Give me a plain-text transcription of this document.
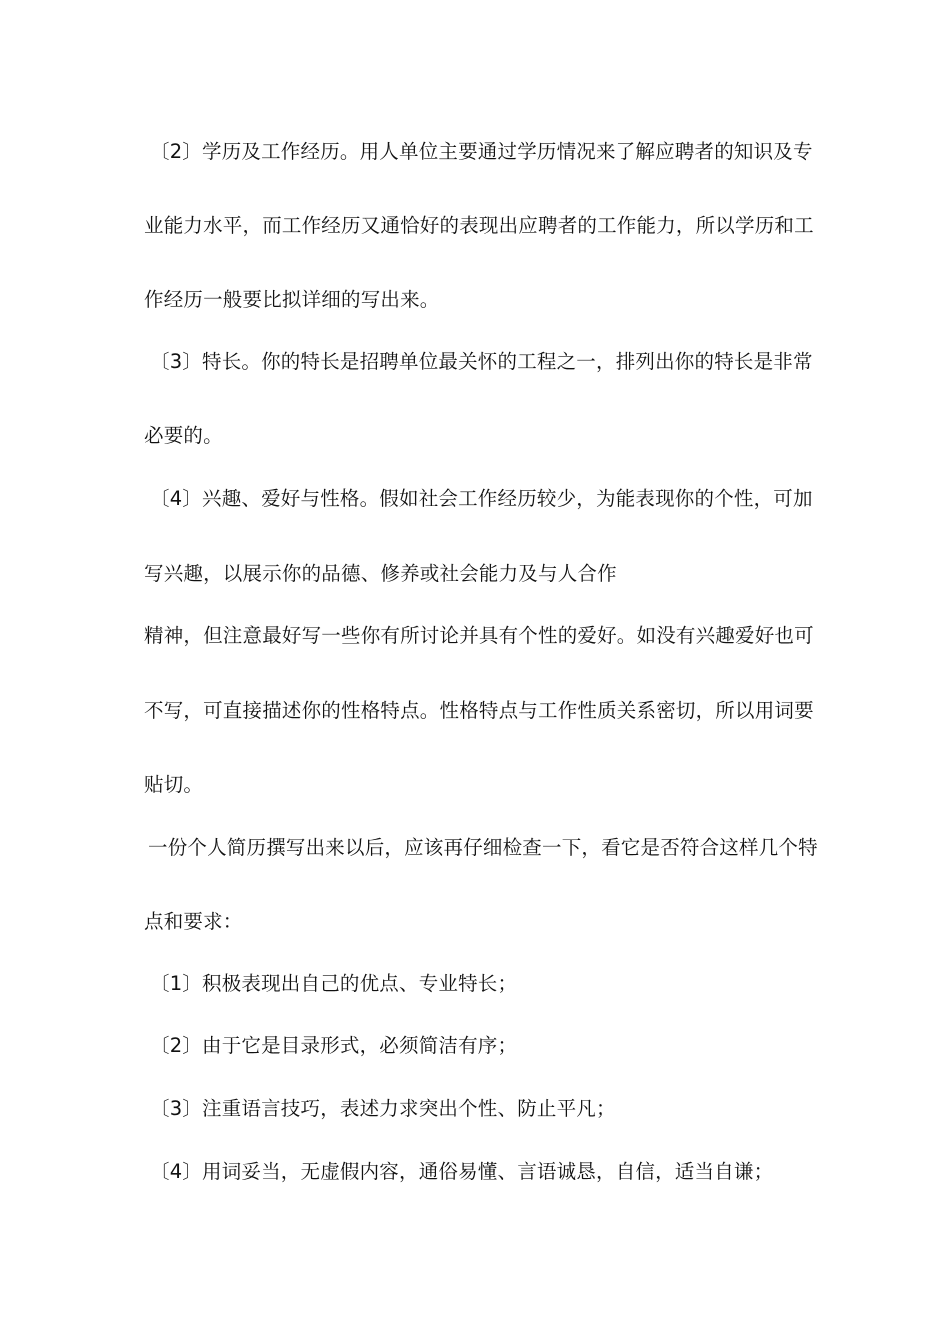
〔2〕学历及工作经历。用人单位主要通过学历情况来了解应聘者的知识及专
业能力水平，而工作经历又通恰好的表现出应聘者的工作能力，所以学历和工
作经历一般要比拟详细的写出来。
〔3〕特长。你的特长是招聘单位最关怀的工程之一，排列出你的特长是非常
必要的。
〔4〕兴趣、爱好与性格。假如社会工作经历较少，为能表现你的个性，可加
写兴趣，以展示你的品德、修养或社会能力及与人合作
精神，但注意最好写一些你有所讨论并具有个性的爱好。如没有兴趣爱好也可
不写，可直接描述你的性格特点。性格特点与工作性质关系密切，所以用词要
贴切。
一份个人简历撰写出来以后，应该再仔细检查一下，看它是否符合这样几个特
点和要求：
〔1〕积极表现出自己的优点、专业特长；
〔2〕由于它是目录形式，必须简洁有序；
〔3〕注重语言技巧，表述力求突出个性、防止平凡；
〔4〕用词妥当，无虚假内容，通俗易懂、言语诚恳，自信，适当自谦；
